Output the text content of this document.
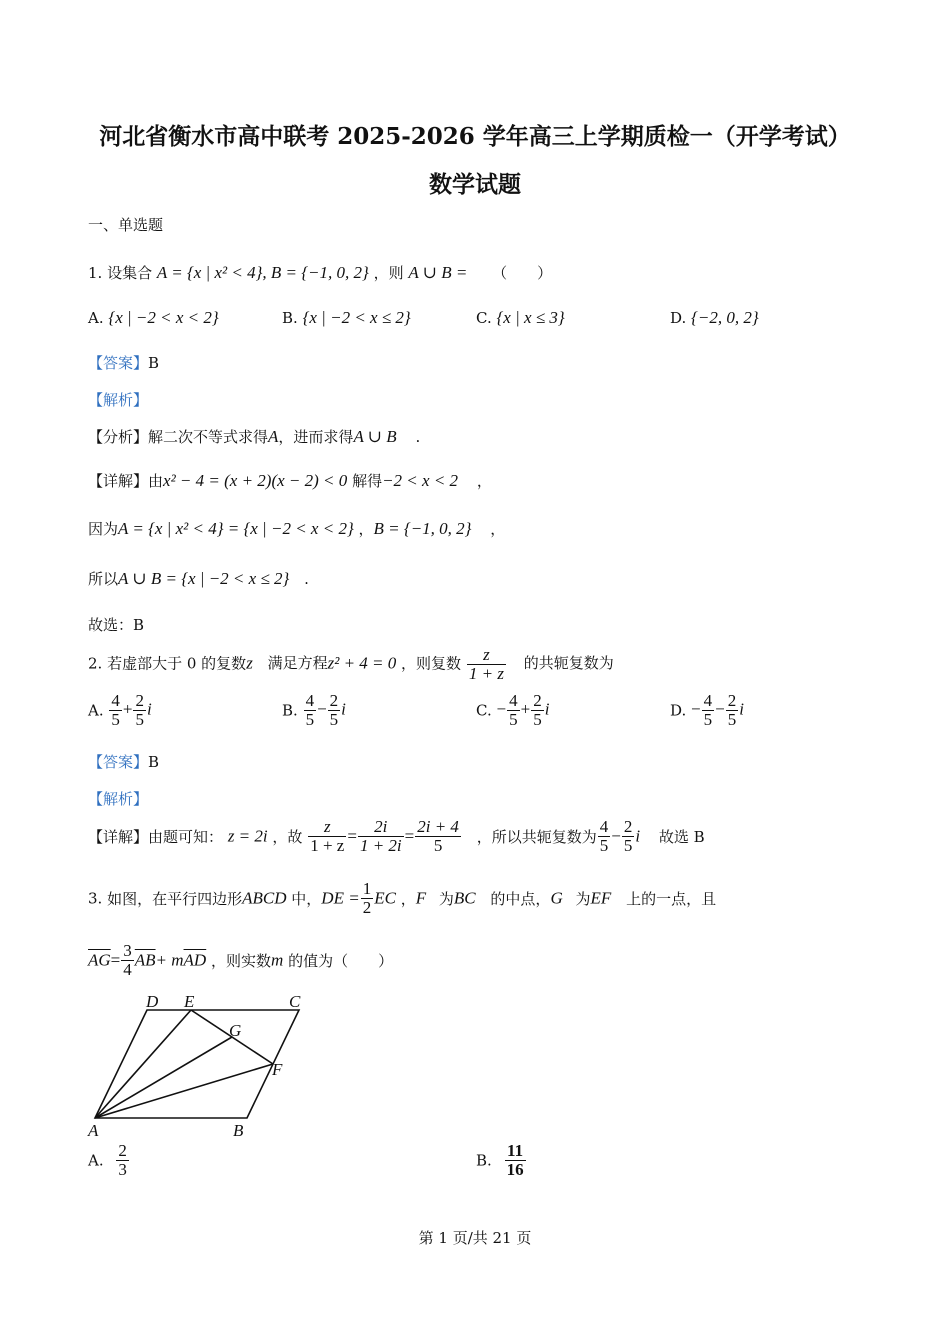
河北省衡水市高中联考 2025-2026 学年高三上学期质检一（开学考试）
数学试题
一、单选题
1. 设集合 A = {x | x² < 4}, B = {−1, 0, 2} ，则 A ∪ B = （　　）
A. {x | −2 < x < 2}	B. {x | −2 < x ≤ 2}	C. {x | x ≤ 3}	D. {−2, 0, 2}
【答案】B
【解析】
【分析】解二次不等式求得A，进而求得A ∪ B .
【详解】由x² − 4 = (x + 2)(x − 2) < 0 解得−2 < x < 2 ，
因为A = {x | x² < 4} = {x | −2 < x < 2} ，B = {−1, 0, 2} ，
所以A ∪ B = {x | −2 < x ≤ 2} .
故选：B
2. 若虚部大于 0 的复数z 满足方程z² + 4 = 0 ，则复数 $\frac{z}{1 + z}$ 的共轭复数为
A. $\frac{4}{5} + \frac{2}{5}$ i	B. $\frac{4}{5} - \frac{2}{5}$ i	C. − $\frac{4}{5} + \frac{2}{5}$ i	D. − $\frac{4}{5} - \frac{2}{5}$ i
【答案】B
【解析】
【详解】由题可知： z = 2i ，故 $\frac{z}{1 + z} = \frac{2i}{1 + 2i} = \frac{2i + 4}{5}$ ，所以共轭复数为 $\frac{4}{5} - \frac{2}{5}$ i 故选 B
3. 如图，在平行四边形ABCD 中，DE = $\frac{1}{2}$ EC ，F 为BC 的中点，G 为EF 上的一点，且
$\overline{AG}= \frac{3}{4} \overline{AB}+ m\overline{AD}$ ，则实数m 的值为（　　）
D E	C
G
F
A	B
A. $\frac{2}{3}$	B. $\frac{11}{16}$
第 1 页/共 21 页
